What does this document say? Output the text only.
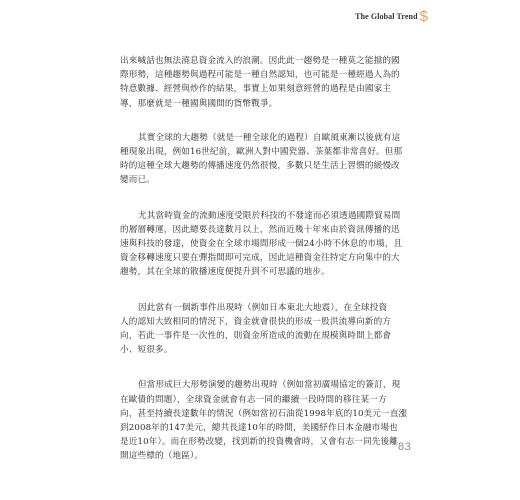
The Global Trend $

出來喊話也無法澆息資金流入的浪潮。因此此一趨勢是一種莫之能擋的國
際形勢，這種趨勢與過程可能是一種自然認知，也可能是一種經過人為的
特意數據、經營與炒作的結果，事實上如果刻意經營的過程是由國家主
導，那麼就是一種國與國間的貨幣戰爭。

其實全球的大趨勢（就是一種全球化的過程）自歐風東漸以後就有這
種現象出現，例如16世紀前，歐洲人對中國瓷器、茶葉都非常喜好。但那
時的這種全球大趨勢的傳播速度仍然很慢，多數只是生活上習慣的緩慢改
變而已。

尤其當時資金的流動速度受限於科技的不發達而必須透過國際貿易間
的層層轉運，因此總要長達數月以上，然而近幾十年來由於資訊傳播的迅
速與科技的發達，使資金在全球市場間形成一個24小時不休息的市場，且
資金移轉速度只要在彈指間即可完成，因此這種資金往特定方向集中的大
趨勢，其在全球的散播速度便提升到不可思議的地步。

因此當有一個新事件出現時（例如日本東北大地震），在全球投資
人的認知大致相同的情況下，資金就會很快的形成一股洪流導向新的方
向，若此一事件是一次性的，則資金所造成的流動在規模與時間上都會
小、短很多。

但當形成巨大形勢演變的趨勢出現時（例如當初廣場協定的簽訂，現
在歐債的問題），全球資金就會有志一同的繼續一段時間的移往某一方
向，甚至持續長達數年的情況（例如當初石油從1998年底的10美元一直漲
到2008年的147美元，總共長達10年的時間，美國紓作日本金融市場也
是近10年）。而在形勢改變，找到新的投資機會時，又會有志一同先後離
開這些標的（地區）。

83
